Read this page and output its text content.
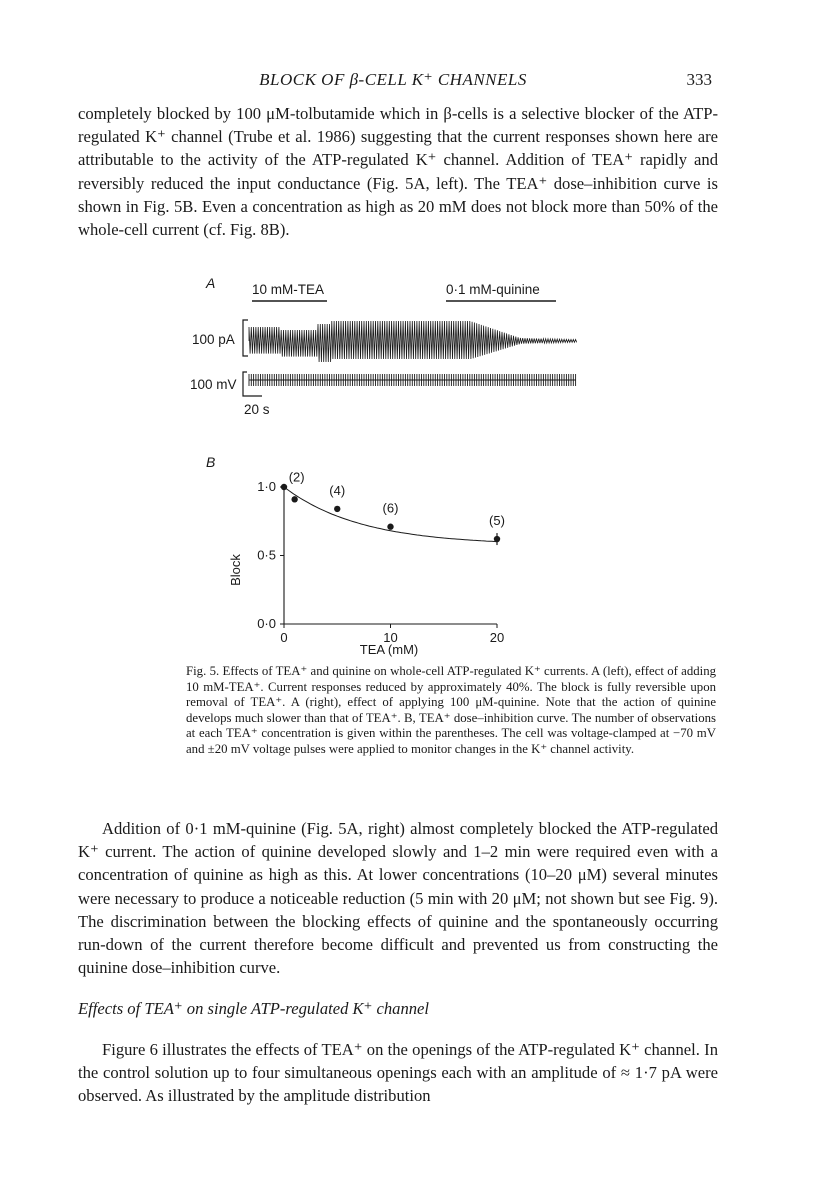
BLOCK OF β-CELL K⁺ CHANNELS	333

completely blocked by 100 μM-tolbutamide which in β-cells is a selective blocker of the ATP-regulated K⁺ channel (Trube et al. 1986) suggesting that the current responses shown here are attributable to the activity of the ATP-regulated K⁺ channel. Addition of TEA⁺ rapidly and reversibly reduced the input conductance (Fig. 5A, left). The TEA⁺ dose–inhibition curve is shown in Fig. 5B. Even a concentration as high as 20 mM does not block more than 50% of the whole-cell current (cf. Fig. 8B).

A	10 mM-TEA	0·1 mM-quinine
100 pA
100 mV
20 s
B
Block
TEA (mM)
0	10	20
0·0
0·5
1·0
(2)
(4)
(6)
(5)
Fig. 5. Effects of TEA⁺ and quinine on whole-cell ATP-regulated K⁺ currents. A (left), effect of adding 10 mM-TEA⁺. Current responses reduced by approximately 40%. The block is fully reversible upon removal of TEA⁺. A (right), effect of applying 100 μM-quinine. Note that the action of quinine develops much slower than that of TEA⁺. B, TEA⁺ dose–inhibition curve. The number of observations at each TEA⁺ concentration is given within the parentheses. The cell was voltage-clamped at −70 mV and ±20 mV voltage pulses were applied to monitor changes in the K⁺ channel activity.

Addition of 0·1 mM-quinine (Fig. 5A, right) almost completely blocked the ATP-regulated K⁺ current. The action of quinine developed slowly and 1–2 min were required even with a concentration of quinine as high as this. At lower concentrations (10–20 μM) several minutes were necessary to produce a noticeable reduction (5 min with 20 μM; not shown but see Fig. 9). The discrimination between the blocking effects of quinine and the spontaneously occurring run-down of the current therefore become difficult and prevented us from constructing the quinine dose–inhibition curve.

Effects of TEA⁺ on single ATP-regulated K⁺ channel

Figure 6 illustrates the effects of TEA⁺ on the openings of the ATP-regulated K⁺ channel. In the control solution up to four simultaneous openings each with an amplitude of ≈ 1·7 pA were observed. As illustrated by the amplitude distribution
